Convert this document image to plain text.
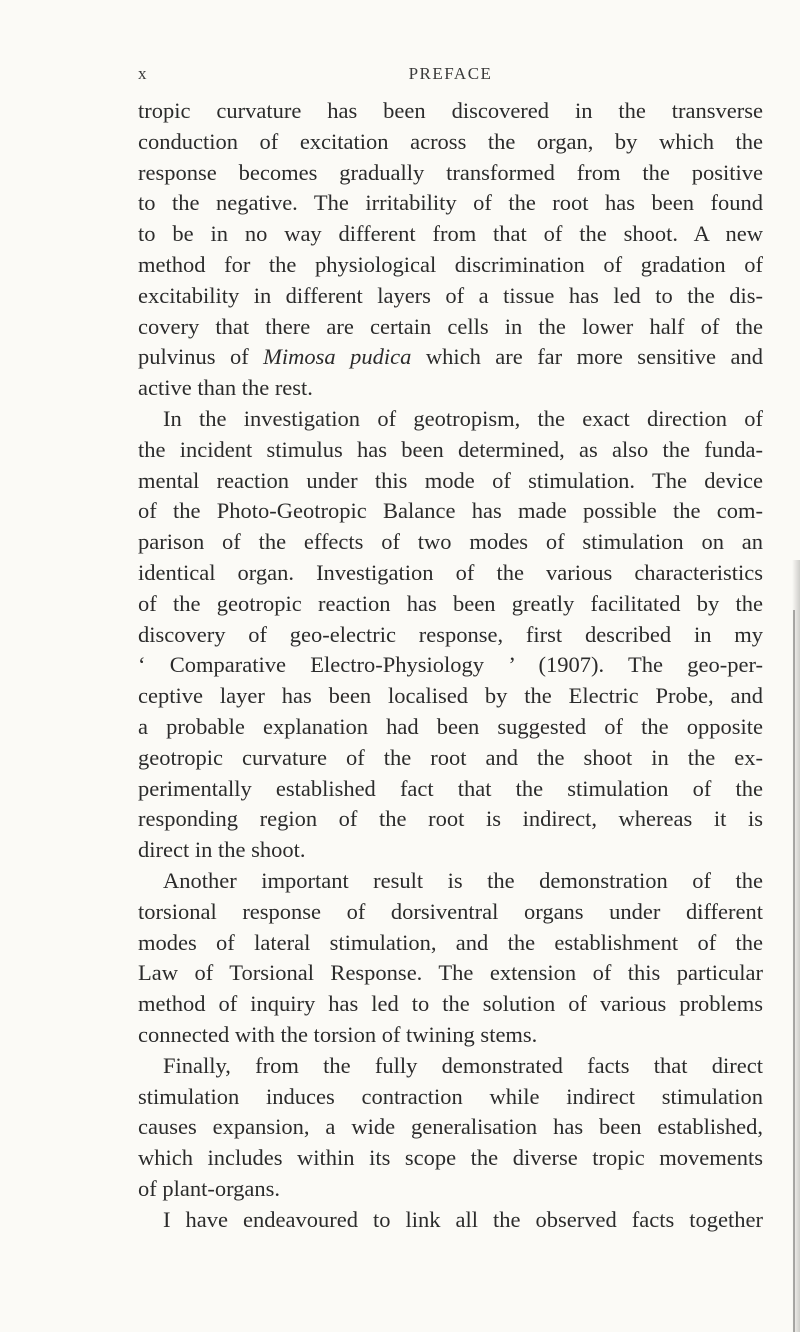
x	PREFACE
tropic curvature has been discovered in the transverse
conduction of excitation across the organ, by which the
response becomes gradually transformed from the positive
to the negative. The irritability of the root has been found
to be in no way different from that of the shoot. A new
method for the physiological discrimination of gradation of
excitability in different layers of a tissue has led to the dis-
covery that there are certain cells in the lower half of the
pulvinus of Mimosa pudica which are far more sensitive and
active than the rest.
In the investigation of geotropism, the exact direction of
the incident stimulus has been determined, as also the funda-
mental reaction under this mode of stimulation. The device
of the Photo-Geotropic Balance has made possible the com-
parison of the effects of two modes of stimulation on an
identical organ. Investigation of the various characteristics
of the geotropic reaction has been greatly facilitated by the
discovery of geo-electric response, first described in my
‘ Comparative Electro-Physiology ’ (1907). The geo-per-
ceptive layer has been localised by the Electric Probe, and
a probable explanation had been suggested of the opposite
geotropic curvature of the root and the shoot in the ex-
perimentally established fact that the stimulation of the
responding region of the root is indirect, whereas it is
direct in the shoot.
Another important result is the demonstration of the
torsional response of dorsiventral organs under different
modes of lateral stimulation, and the establishment of the
Law of Torsional Response. The extension of this particular
method of inquiry has led to the solution of various problems
connected with the torsion of twining stems.
Finally, from the fully demonstrated facts that direct
stimulation induces contraction while indirect stimulation
causes expansion, a wide generalisation has been established,
which includes within its scope the diverse tropic movements
of plant-organs.
I have endeavoured to link all the observed facts together
